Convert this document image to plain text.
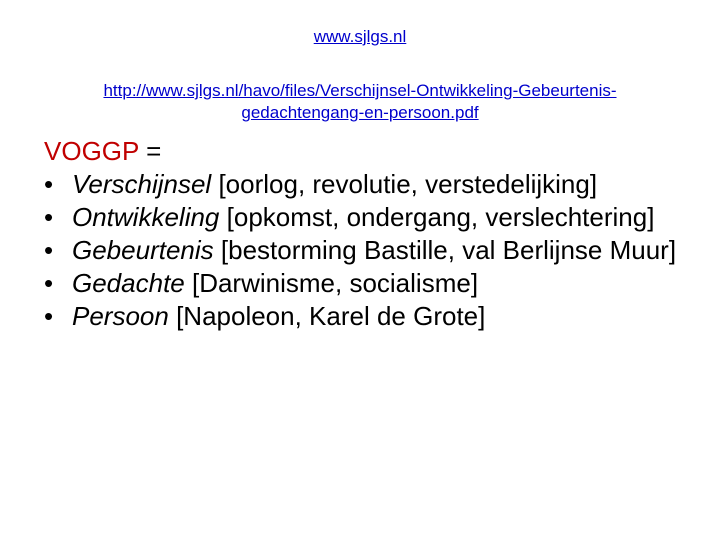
www.sjlgs.nl
http://www.sjlgs.nl/havo/files/Verschijnsel-Ontwikkeling-Gebeurtenis-
gedachtengang-en-persoon.pdf

VOGGP =

• Verschijnsel [oorlog, revolutie, verstedelijking]
• Ontwikkeling [opkomst, ondergang, verslechtering]
• Gebeurtenis [bestorming Bastille, val Berlijnse Muur]
• Gedachte [Darwinisme, socialisme]
• Persoon [Napoleon, Karel de Grote]
